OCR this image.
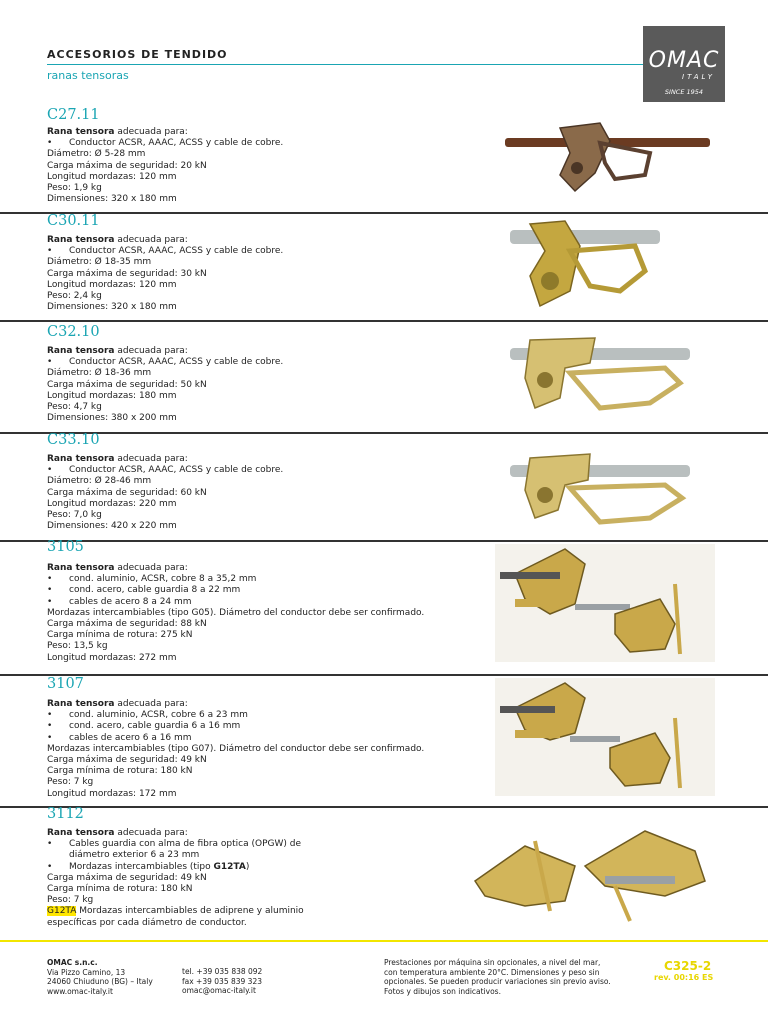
ACCESORIOS DE TENDIDO
ranas tensoras
OMAC
ITALY
SINCE 1954
C27.11
Rana tensora adecuada para:
• Conductor ACSR, AAAC, ACSS y cable de cobre.
Diámetro: Ø 5-28 mm
Carga máxima de seguridad: 20 kN
Longitud mordazas: 120 mm
Peso: 1,9 kg
Dimensiones: 320 x 180 mm
C30.11
Rana tensora adecuada para:
• Conductor ACSR, AAAC, ACSS y cable de cobre.
Diámetro: Ø 18-35 mm
Carga máxima de seguridad: 30 kN
Longitud mordazas: 120 mm
Peso: 2,4 kg
Dimensiones: 320 x 180 mm
C32.10
Rana tensora adecuada para:
• Conductor ACSR, AAAC, ACSS y cable de cobre.
Diámetro: Ø 18-36 mm
Carga máxima de seguridad: 50 kN
Longitud mordazas: 180 mm
Peso: 4,7 kg
Dimensiones: 380 x 200 mm
C33.10
Rana tensora adecuada para:
• Conductor ACSR, AAAC, ACSS y cable de cobre.
Diámetro: Ø 28-46 mm
Carga máxima de seguridad: 60 kN
Longitud mordazas: 220 mm
Peso: 7,0 kg
Dimensiones: 420 x 220 mm
3105
Rana tensora adecuada para:
• cond. aluminio, ACSR, cobre 8 a 35,2 mm
• cond. acero, cable guardia 8 a 22 mm
• cables de acero 8 a 24 mm
Mordazas intercambiables (tipo G05). Diámetro del conductor debe ser confirmado.
Carga máxima de seguridad: 88 kN
Carga mínima de rotura: 275 kN
Peso: 13,5 kg
Longitud mordazas: 272 mm
3107
Rana tensora adecuada para:
• cond. aluminio, ACSR, cobre 6 a 23 mm
• cond. acero, cable guardia 6 a 16 mm
• cables de acero 6 a 16 mm
Mordazas intercambiables (tipo G07). Diámetro del conductor debe ser confirmado.
Carga máxima de seguridad: 49 kN
Carga mínima de rotura: 180 kN
Peso: 7 kg
Longitud mordazas: 172 mm
3112
Rana tensora adecuada para:
• Cables guardia con alma de fibra optica (OPGW) de
diámetro exterior 6 a 23 mm
• Mordazas intercambiables (tipo G12TA)
Carga máxima de seguridad: 49 kN
Carga mínima de rotura: 180 kN
Peso: 7 kg
G12TA Mordazas intercambiables de adiprene y aluminio
específicas por cada diámetro de conductor.
OMAC s.n.c.
Via Pizzo Camino, 13
24060 Chiuduno (BG) – Italy
www.omac-italy.it
tel. +39 035 838 092
fax +39 035 839 323
omac@omac-italy.it
Prestaciones por máquina sin opcionales, a nivel del mar,
con temperatura ambiente 20°C. Dimensiones y peso sin
opcionales. Se pueden producir variaciones sin previo aviso.
Fotos y dibujos son indicativos.
C325-2
rev. 00:16 ES
